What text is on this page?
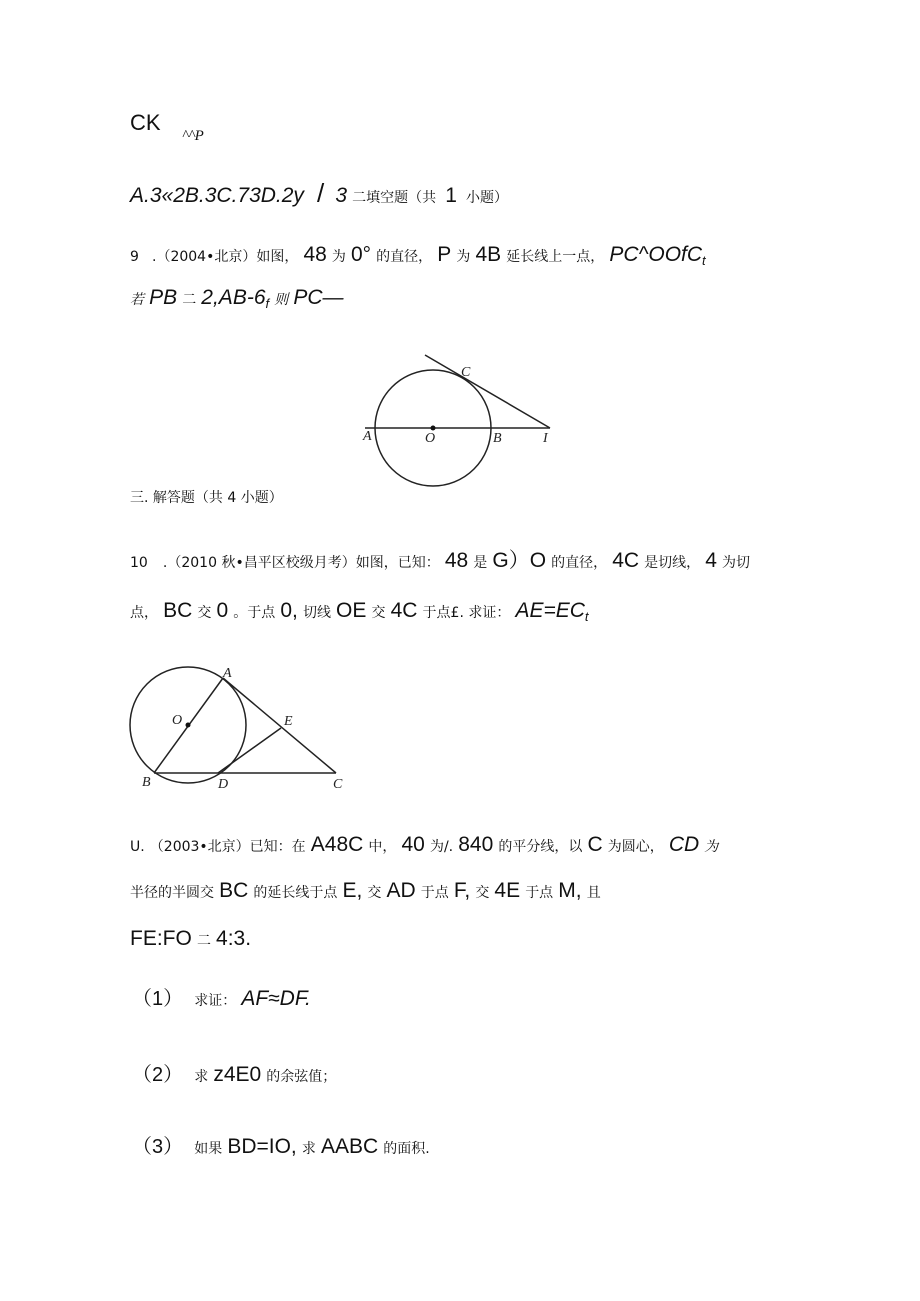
CK
^^P
A.3«2B.3C.73D.2y / 3 二填空题（共 1 小题）
9 .（2004•北京）如图， 48 为 0° 的直径， P 为 4B 延长线上一点， PC^OOfC$_t$
若 PB 二 $2,AB-6_f$ 则 PC—
A	O	B	I
C
三. 解答题（共 4 小题）
10 .（2010 秋•昌平区校级月考）如图，已知： 48 是 G）O 的直径， 4C 是切线， 4 为切
点， BC 交 0 。于点 0, 切线 OE 交 4C 于点£. 求证： $AE=EC_t$
A
O	E
B	D	C
U. （2003•北京）已知：在 A48C 中， 40 为/. 840 的平分线，以 C 为圆心， CD 为
半径的半圆交 BC 的延长线于点 E, 交 AD 于点 F, 交 4E 于点 M, 且
FE:FO 二 4:3.
（1） 求证： AF≈DF.
（2） 求 z4E0 的余弦值；
（3） 如果 BD=IO, 求 AABC 的面积.
